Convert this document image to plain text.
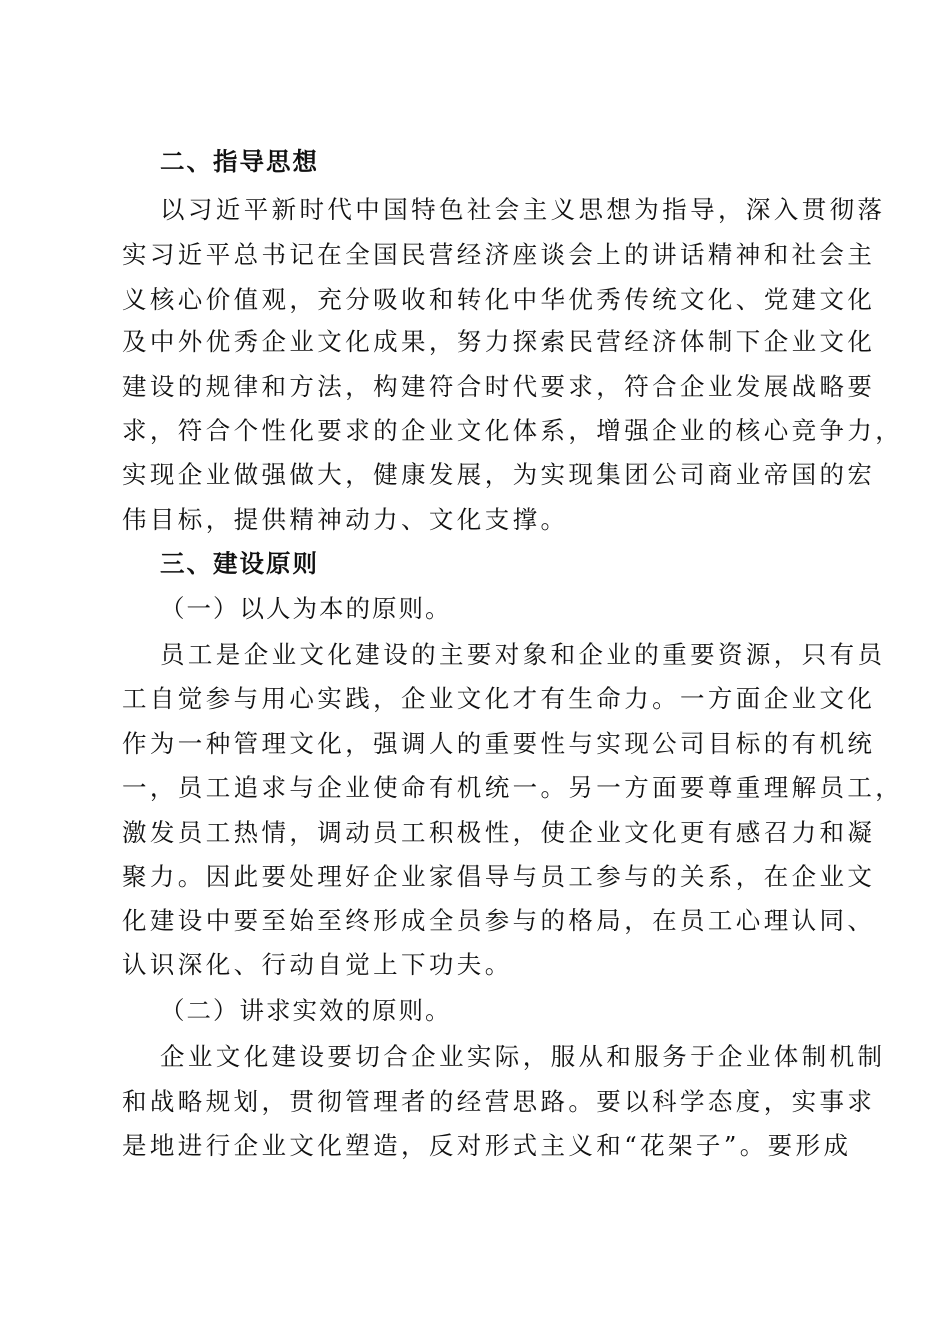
二、指导思想
以习近平新时代中国特色社会主义思想为指导，深入贯彻落
实习近平总书记在全国民营经济座谈会上的讲话精神和社会主
义核心价值观，充分吸收和转化中华优秀传统文化、党建文化
及中外优秀企业文化成果，努力探索民营经济体制下企业文化
建设的规律和方法，构建符合时代要求，符合企业发展战略要
求，符合个性化要求的企业文化体系，增强企业的核心竞争力，
实现企业做强做大，健康发展，为实现集团公司商业帝国的宏
伟目标，提供精神动力、文化支撑。
三、建设原则
（一）以人为本的原则。
员工是企业文化建设的主要对象和企业的重要资源，只有员
工自觉参与用心实践，企业文化才有生命力。一方面企业文化
作为一种管理文化，强调人的重要性与实现公司目标的有机统
一，员工追求与企业使命有机统一。另一方面要尊重理解员工，
激发员工热情，调动员工积极性，使企业文化更有感召力和凝
聚力。因此要处理好企业家倡导与员工参与的关系，在企业文
化建设中要至始至终形成全员参与的格局，在员工心理认同、
认识深化、行动自觉上下功夫。
（二）讲求实效的原则。
企业文化建设要切合企业实际，服从和服务于企业体制机制
和战略规划，贯彻管理者的经营思路。要以科学态度，实事求
是地进行企业文化塑造，反对形式主义和“花架子”。要形成
